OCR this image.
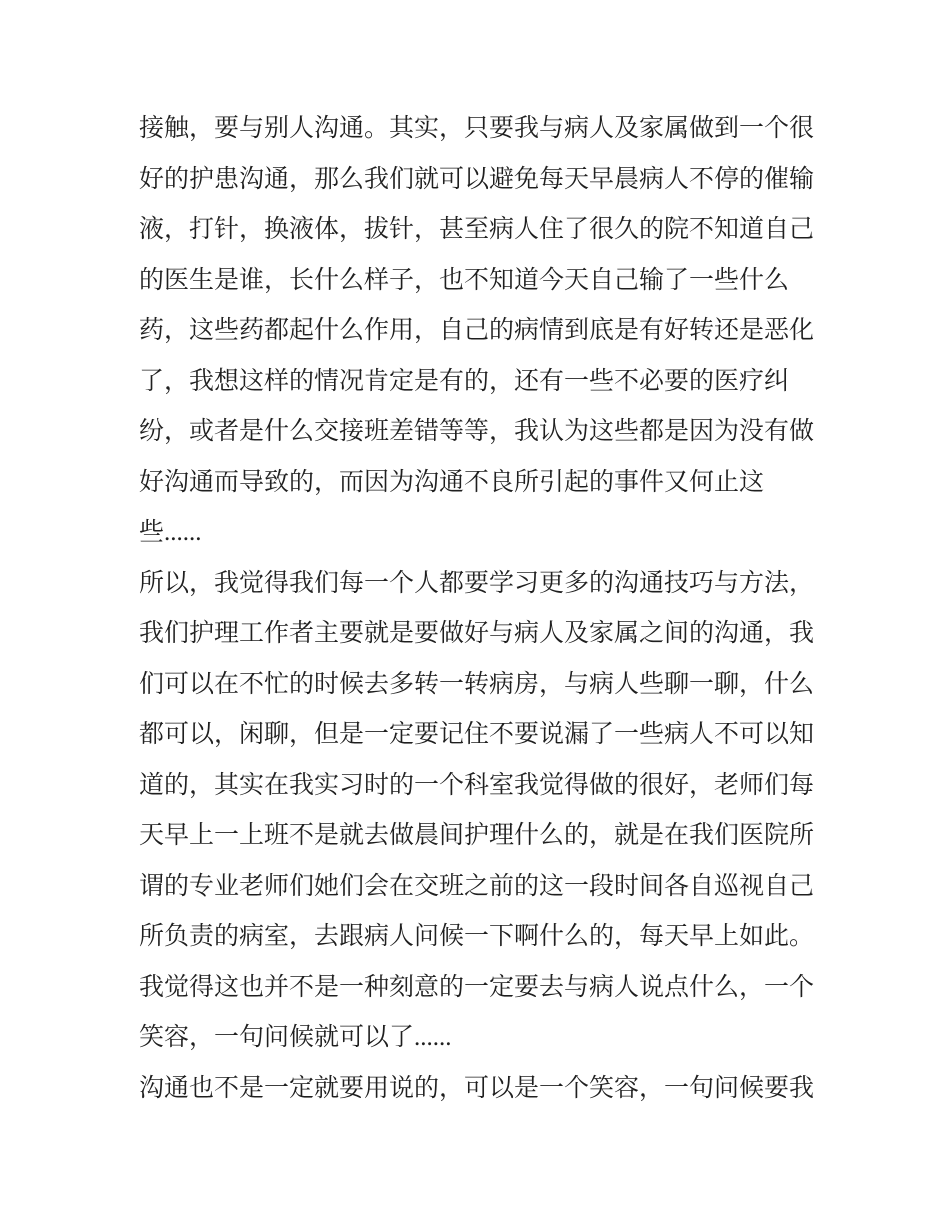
接触，要与别人沟通。其实，只要我与病人及家属做到一个很
好的护患沟通，那么我们就可以避免每天早晨病人不停的催输
液，打针，换液体，拔针，甚至病人住了很久的院不知道自己
的医生是谁，长什么样子，也不知道今天自己输了一些什么
药，这些药都起什么作用，自己的病情到底是有好转还是恶化
了，我想这样的情况肯定是有的，还有一些不必要的医疗纠
纷，或者是什么交接班差错等等，我认为这些都是因为没有做
好沟通而导致的，而因为沟通不良所引起的事件又何止这
些......
所以，我觉得我们每一个人都要学习更多的沟通技巧与方法，
我们护理工作者主要就是要做好与病人及家属之间的沟通，我
们可以在不忙的时候去多转一转病房，与病人些聊一聊，什么
都可以，闲聊，但是一定要记住不要说漏了一些病人不可以知
道的，其实在我实习时的一个科室我觉得做的很好，老师们每
天早上一上班不是就去做晨间护理什么的，就是在我们医院所
谓的专业老师们她们会在交班之前的这一段时间各自巡视自己
所负责的病室，去跟病人问候一下啊什么的，每天早上如此。
我觉得这也并不是一种刻意的一定要去与病人说点什么，一个
笑容，一句问候就可以了......
沟通也不是一定就要用说的，可以是一个笑容，一句问候要我
